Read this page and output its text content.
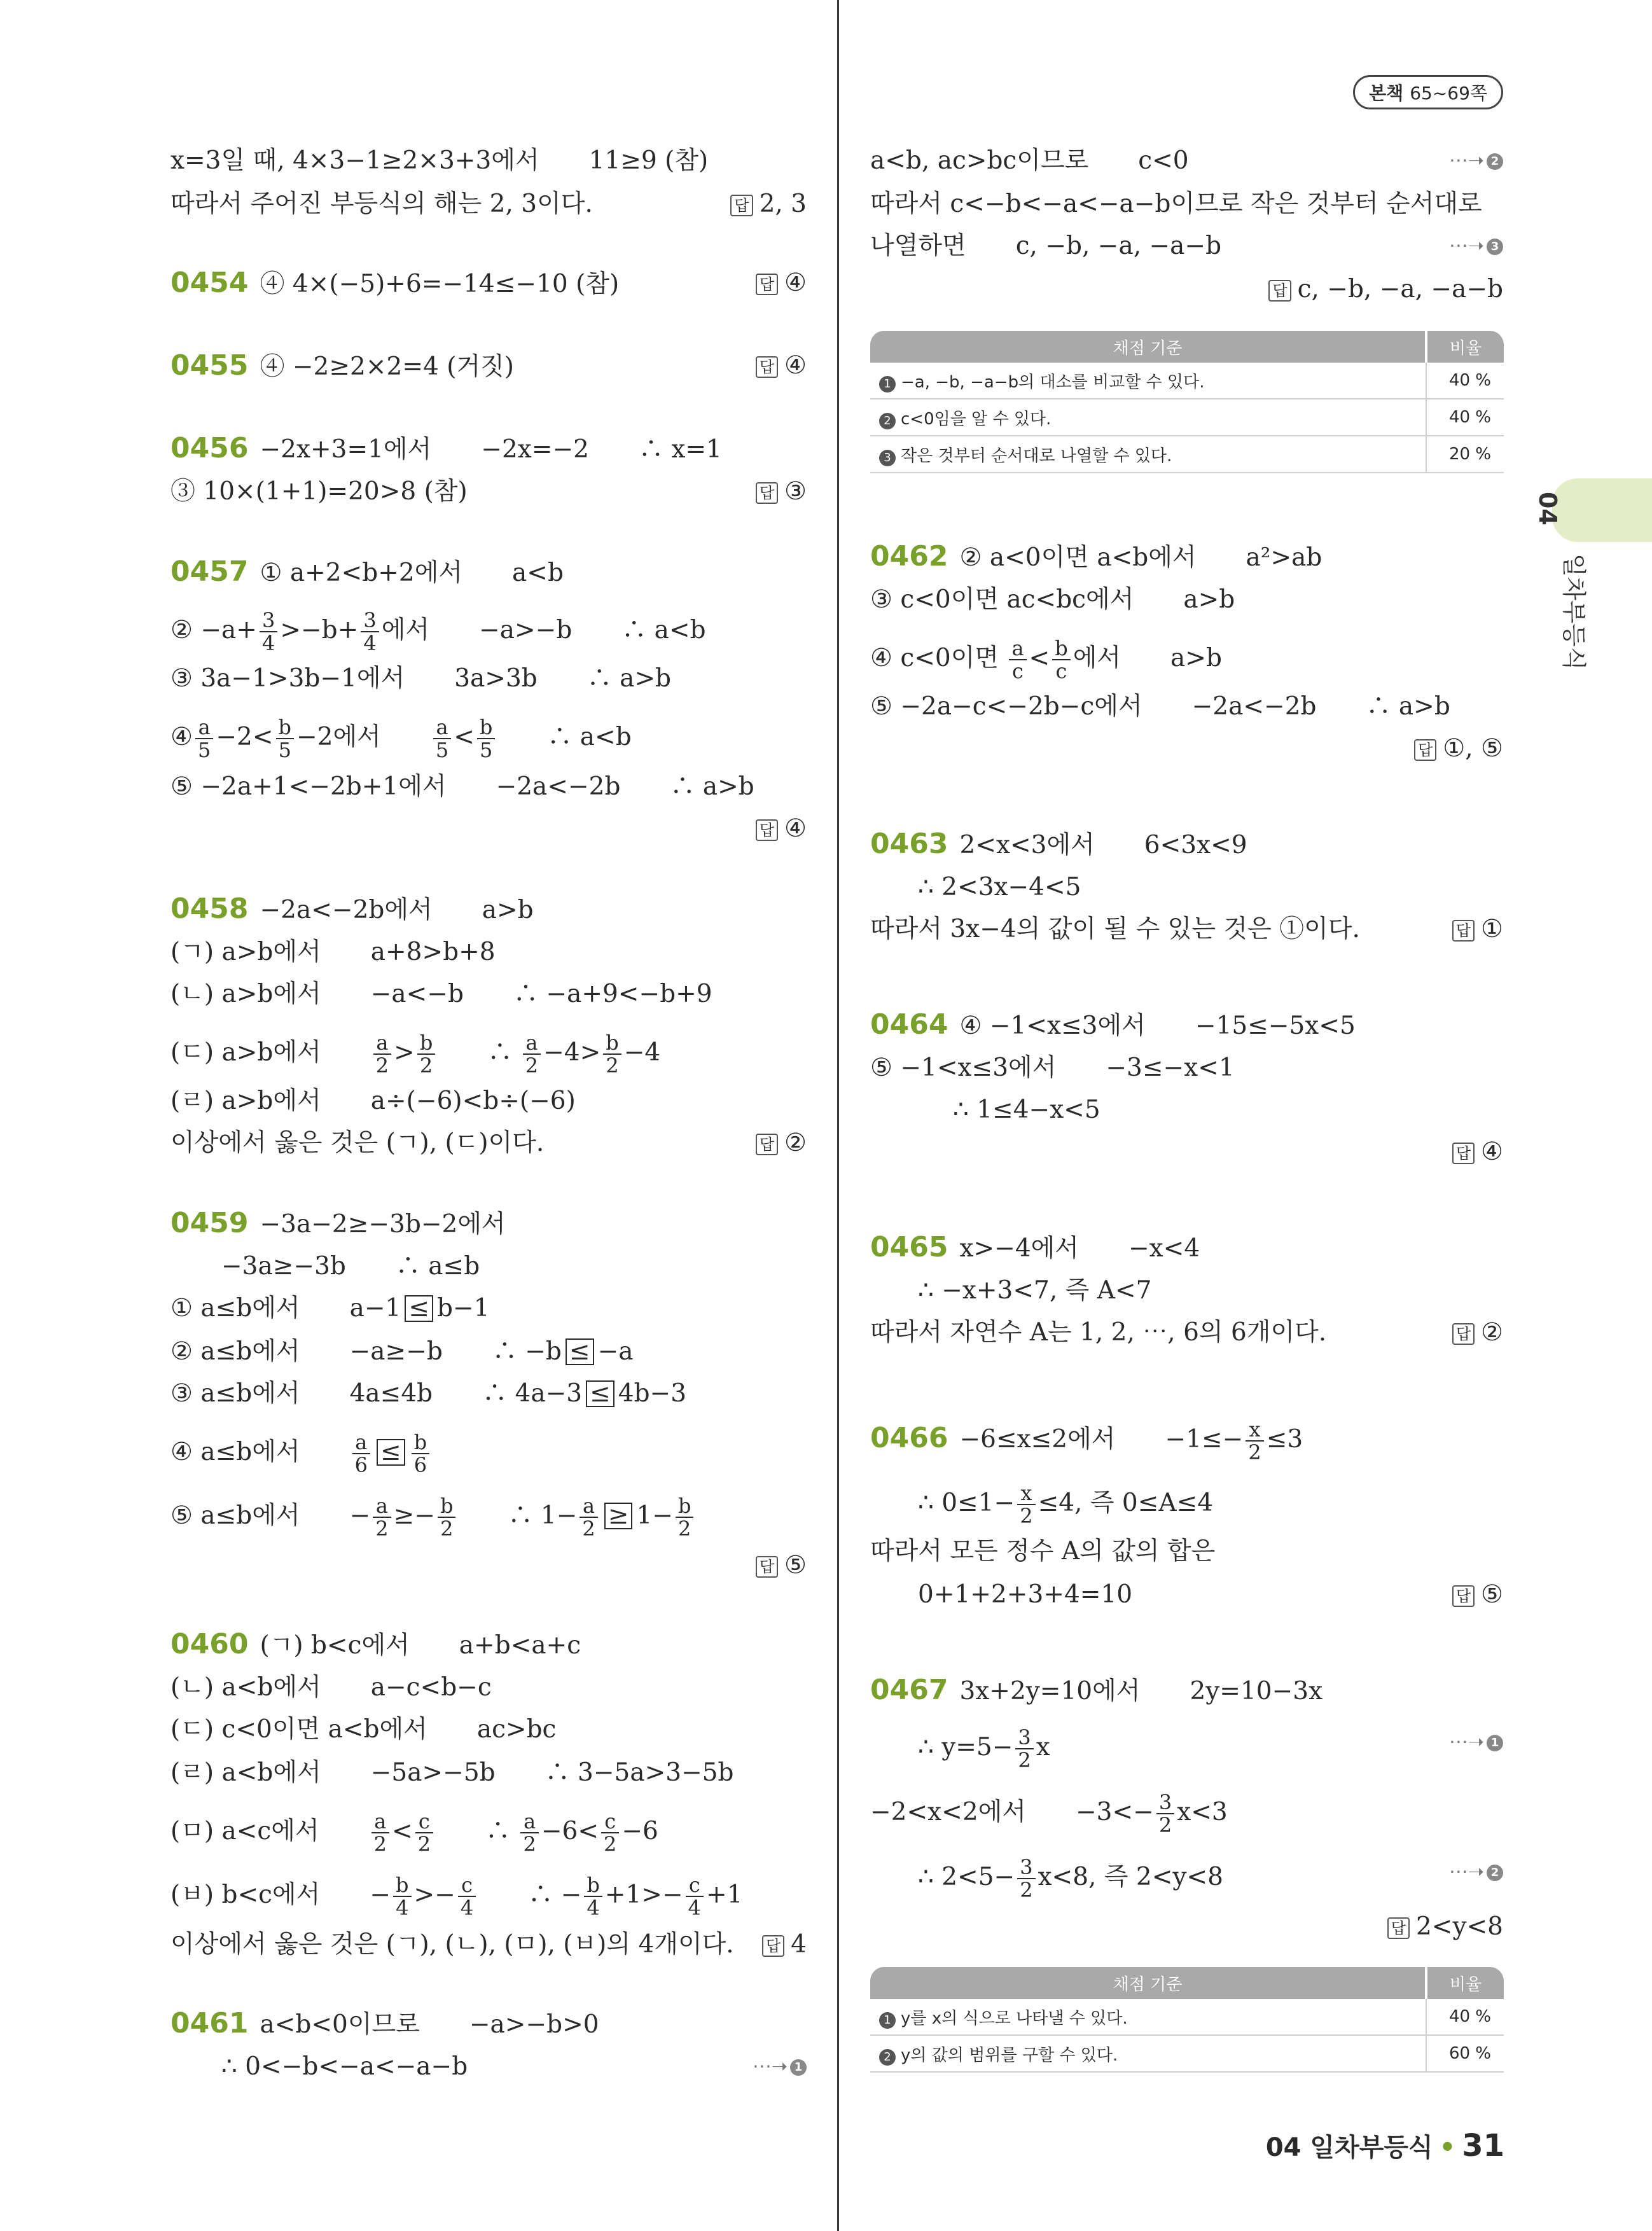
본책 65~69쪽
x=3일 때, 4×3−1≥2×3+3에서　　11≥9 (참)
따라서 주어진 부등식의 해는 2, 3이다.	답 2, 3
0454 ④ 4×(−5)+6=−14≤−10 (참)	답 ④
0455 ④ −2≥2×2=4 (거짓)	답 ④
0456 −2x+3=1에서　　−2x=−2　　∴ x=1
③ 10×(1+1)=20>8 (참)	답 ③
0457 ① a+2<b+2에서　　a<b
② $-a+ \frac{3}{4} >-b+ \frac{3}{4}$ 에서　　−a>−b　　∴ a<b
③ 3a−1>3b−1에서　　3a>3b　　∴ a>b
④ $\frac{a}{5} -2< \frac{b}{5} -2$에서　　	$\frac{a}{5} < \frac{b}{5}$
　　 ∴ a<b
⑤ −2a+1<−2b+1에서　　−2a<−2b　　∴ a>b
답 ④
0458 −2a<−2b에서　　a>b
(ㄱ) a>b에서　　a+8>b+8
(ㄴ) a>b에서　　−a<−b　　∴ −a+9<−b+9
(ㄷ) a>b에서　　	$\frac{a}{2} > \frac{b}{2}$
　　 ∴ $\frac{a}{2} -4> \frac{b}{2} -4$
(ㄹ) a>b에서　　a÷(−6)<b÷(−6)
이상에서 옳은 것은 (ㄱ), (ㄷ)이다.	답 ②
0459 −3a−2≥−3b−2에서
−3a≥−3b　　∴ a≤b
① a≤b에서　　a−1 ≤ b−1
② a≤b에서　　−a≥−b　　∴ −b ≤ −a
③ a≤b에서　　4a≤4b　　∴ 4a−3 ≤ 4b−3
④ a≤b에서　　	$\frac{a}{6} \le \frac{b}{6}$
⑤ a≤b에서　　− $\frac{a}{2} \ge- \frac{b}{2}$
　　 ∴ $1- \frac{a}{2} \ge 1- \frac{b}{2}$
답 ⑤
0460 (ㄱ) b<c에서　　a+b<a+c
(ㄴ) a<b에서　　a−c<b−c
(ㄷ) c<0이면 a<b에서　　ac>bc
(ㄹ) a<b에서　　−5a>−5b　　∴ 3−5a>3−5b
(ㅁ) a<c에서　　	$\frac{a}{2} < \frac{c}{2}$
　　 ∴ $\frac{a}{2} -6< \frac{c}{2} -6$
(ㅂ) b<c에서　　− $\frac{b}{4} >- \frac{c}{4}$
　　 ∴ − $\frac{b}{4} +1>- \frac{c}{4} +1$
이상에서 옳은 것은 (ㄱ), (ㄴ), (ㅁ), (ㅂ)의 4개이다. 답 4
0461 a<b<0이므로　　−a>−b>0
∴ 0<−b<−a<−a−b	⋯➝ 1
a<b, ac>bc이므로　　c<0	⋯➝ 2
따라서 c<−b<−a<−a−b이므로 작은 것부터 순서대로
나열하면　　c, −b, −a, −a−b	⋯➝ 3
답 c, −b, −a, −a−b
채점 기준	비율
1 −a, −b, −a−b의 대소를 비교할 수 있다.	40 %
2 c<0임을 알 수 있다.	40 %
3 작은 것부터 순서대로 나열할 수 있다.	20 %
0462 ② a<0이면 a<b에서　　a²>ab
③ c<0이면 ac<bc에서　　a>b
④ c<0이면 $\frac{a}{c} < \frac{b}{c}$ 에서　　a>b
⑤ −2a−c<−2b−c에서　　−2a<−2b　　∴ a>b
답 ①, ⑤
0463 2<x<3에서　　6<3x<9
∴ 2<3x−4<5
따라서 3x−4의 값이 될 수 있는 것은 ①이다.	답 ①
0464 ④ −1<x≤3에서　　−15≤−5x<5
⑤ −1<x≤3에서　　−3≤−x<1
∴ 1≤4−x<5
답 ④
0465 x>−4에서　　−x<4
∴ −x+3<7, 즉 A<7
따라서 자연수 A는 1, 2, ⋯, 6의 6개이다.	답 ②
0466 −6≤x≤2에서　　$-1\le- \frac{x}{2} \le 3$
∴ $0\le 1- \frac{x}{2} \le 4$, 즉 0≤A≤4
따라서 모든 정수 A의 값의 합은
0+1+2+3+4=10	답 ⑤
0467 3x+2y=10에서　　2y=10−3x
∴ $y=5- \frac{3}{2}$ x	⋯➝ 1
−2<x<2에서　　$-3<- \frac{3}{2} x<3$
∴ $2<5- \frac{3}{2} x<8$, 즉 2<y<8	⋯➝ 2
답 2<y<8
채점 기준	비율
1 y를 x의 식으로 나타낼 수 있다.	40 %
2 y의 값의 범위를 구할 수 있다.	60 %
04
일차부등식
04 일차부등식 • 31
